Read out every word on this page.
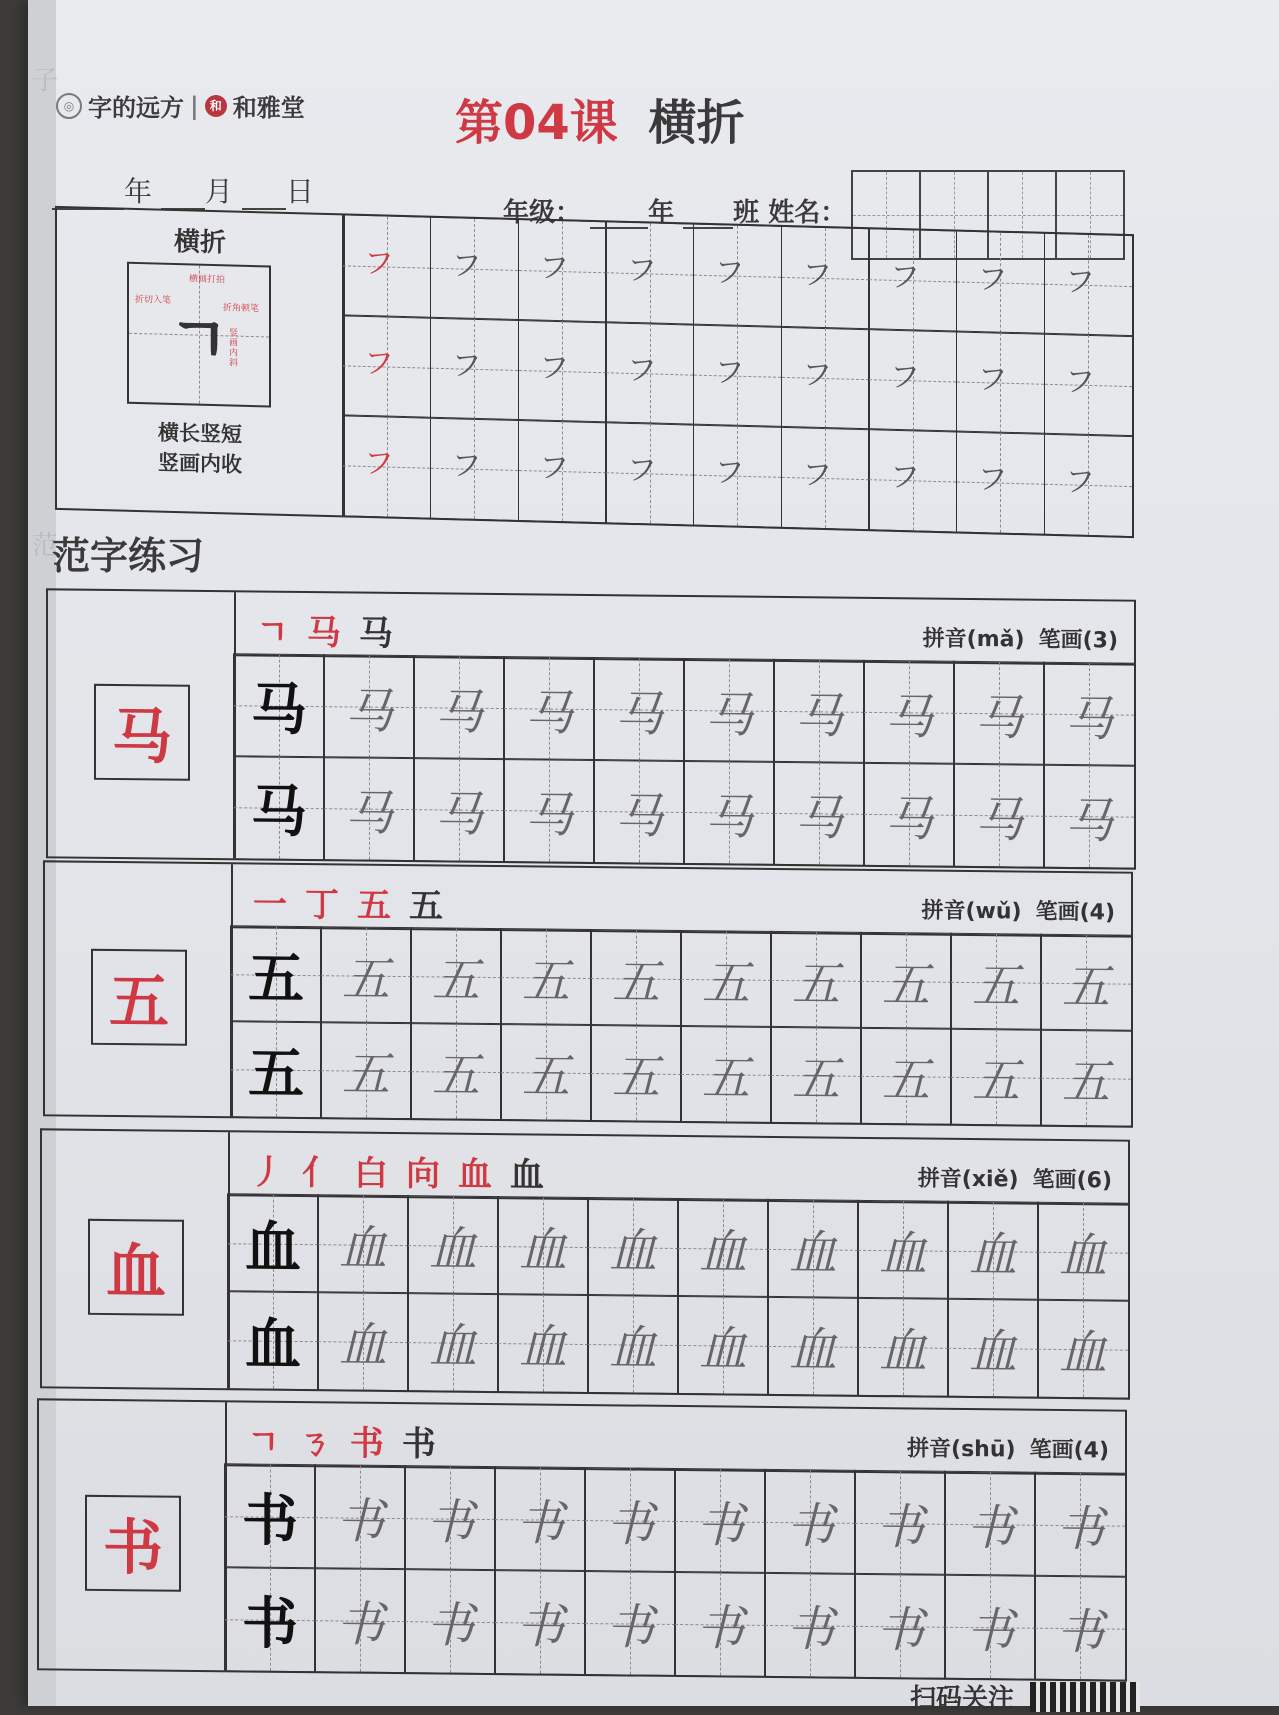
子
范
◎ 字的远方 | 和 和雅堂	第04课 横折
年 月 日
年级：	年 班 姓名：
横折
ㄱ
横画打拍
折切入笔
折角顿笔
竖画内斜
横长竖短
竖画内收
フ フ フ フ フ フ フ フ フ
フ フ フ フ フ フ フ フ フ
フ フ フ フ フ フ フ フ フ
范字练习
马
ㄱ马马	拼音(mǎ) 笔画(3)
马 马 马 马 马 马 马 马 马 马
马 马 马 马 马 马 马 马 马 马
五
一丁五五	拼音(wǔ) 笔画(4)
五 五 五 五 五 五 五 五 五 五
五 五 五 五 五 五 五 五 五 五
血
丿亻白向血血	拼音(xiě) 笔画(6)
血 血 血 血 血 血 血 血 血 血
血 血 血 血 血 血 血 血 血 血
书
ㄱㄋ书书	拼音(shū) 笔画(4)
书 书 书 书 书 书 书 书 书 书
书 书 书 书 书 书 书 书 书 书
扫码关注
